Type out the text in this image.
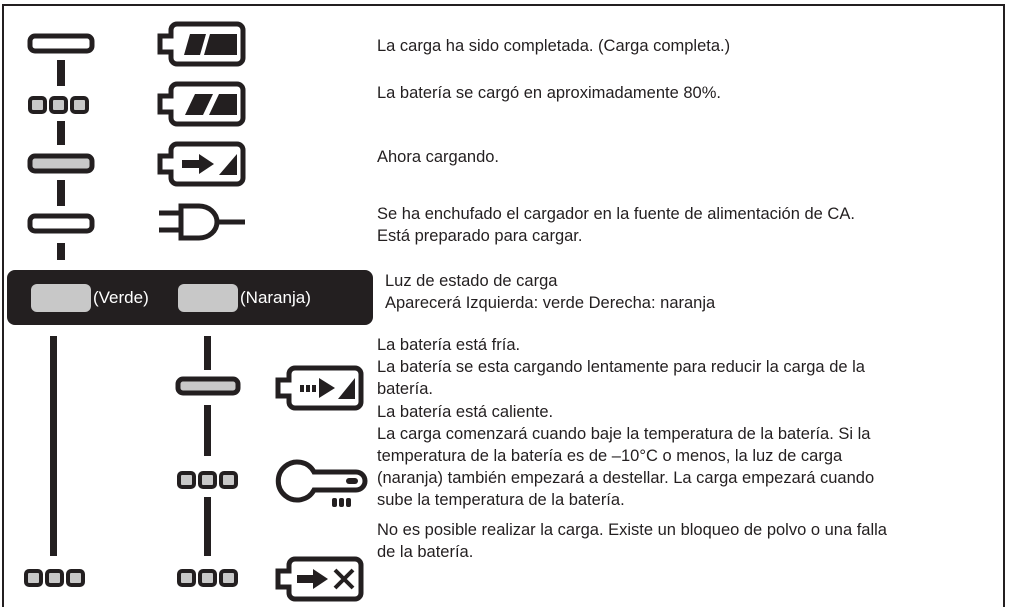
(Verde)	(Naranja)
La carga ha sido completada. (Carga completa.)
La batería se cargó en aproximadamente 80%.
Ahora cargando.
Se ha enchufado el cargador en la fuente de alimentación de CA.
Está preparado para cargar.
Luz de estado de carga
Aparecerá Izquierda: verde Derecha: naranja
La batería está fría.
La batería se esta cargando lentamente para reducir la carga de la
batería.
La batería está caliente.
La carga comenzará cuando baje la temperatura de la batería. Si la
temperatura de la batería es de –10°C o menos, la luz de carga
(naranja) también empezará a destellar. La carga empezará cuando
sube la temperatura de la batería.
No es posible realizar la carga. Existe un bloqueo de polvo o una falla
de la batería.
